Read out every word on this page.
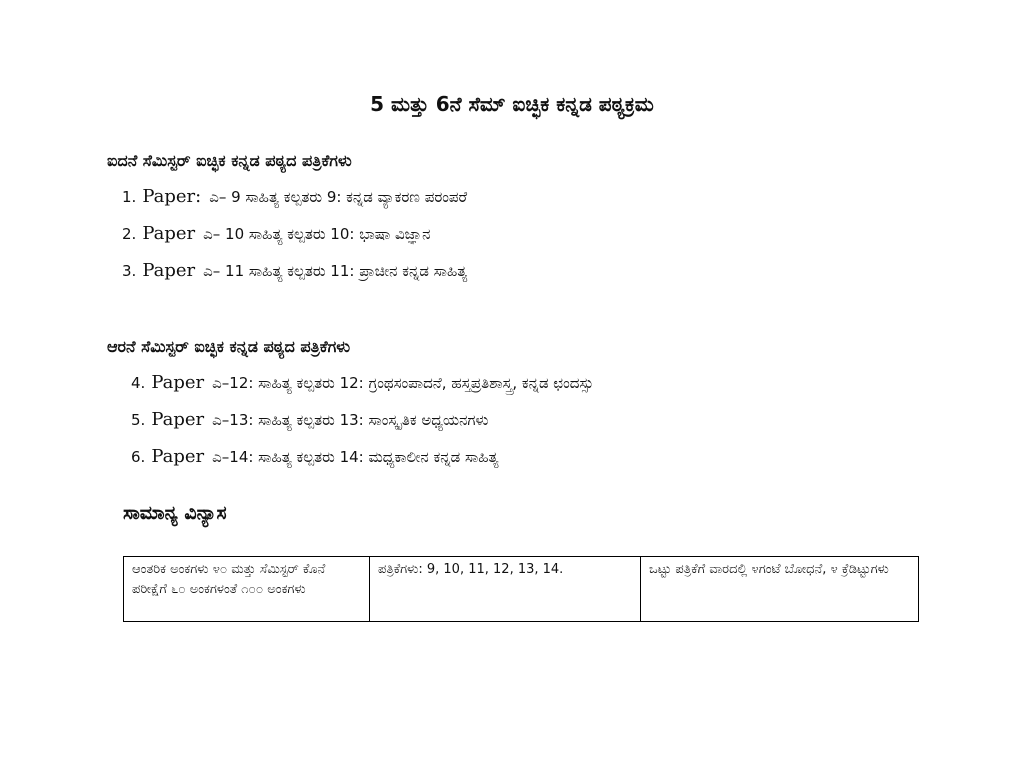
5 ಮತ್ತು 6ನೆ ಸೆಮ್ ಐಚ್ಛಿಕ ಕನ್ನಡ ಪಠ್ಯಕ್ರಮ
ಐದನೆ ಸೆಮಿಸ್ಟರ್ ಐಚ್ಛಿಕ ಕನ್ನಡ ಪಠ್ಯದ ಪತ್ರಿಕೆಗಳು
1. Paper: ಎ– 9 ಸಾಹಿತ್ಯ ಕಲ್ಪತರು 9: ಕನ್ನಡ ವ್ಯಾಕರಣ ಪರಂಪರೆ
2. Paper ಎ– 10 ಸಾಹಿತ್ಯ ಕಲ್ಪತರು 10: ಭಾಷಾ ವಿಜ್ಞಾನ
3. Paper ಎ– 11 ಸಾಹಿತ್ಯ ಕಲ್ಪತರು 11: ಪ್ರಾಚೀನ ಕನ್ನಡ ಸಾಹಿತ್ಯ
ಆರನೆ ಸೆಮಿಸ್ಟರ್ ಐಚ್ಛಿಕ ಕನ್ನಡ ಪಠ್ಯದ ಪತ್ರಿಕೆಗಳು
4. Paper ಎ–12: ಸಾಹಿತ್ಯ ಕಲ್ಪತರು 12: ಗ್ರಂಥಸಂಪಾದನೆ, ಹಸ್ತಪ್ರತಿಶಾಸ್ತ್ರ, ಕನ್ನಡ ಛಂದಸ್ಸು
5. Paper ಎ–13: ಸಾಹಿತ್ಯ ಕಲ್ಪತರು 13: ಸಾಂಸ್ಕೃತಿಕ ಅಧ್ಯಯನಗಳು
6. Paper ಎ–14: ಸಾಹಿತ್ಯ ಕಲ್ಪತರು 14: ಮಧ್ಯಕಾಲೀನ ಕನ್ನಡ ಸಾಹಿತ್ಯ
ಸಾಮಾನ್ಯ ವಿನ್ಯಾಸ
ಆಂತರಿಕ ಅಂಕಗಳು ೪೦ ಮತ್ತು ಸೆಮಿಸ್ಟರ್ ಕೊನೆ ಪರೀಕ್ಷೆಗೆ ೬೦ ಅಂಕಗಳಂತೆ ೧೦೦ ಅಂಕಗಳು	ಪತ್ರಿಕೆಗಳು: 9, 10, 11, 12, 13, 14.	ಒಟ್ಟು ಪತ್ರಿಕೆಗೆ ವಾರದಲ್ಲಿ ೪ಗಂಟೆ ಬೋಧನೆ, ೪ ಕ್ರೆಡಿಟ್ಟುಗಳು
